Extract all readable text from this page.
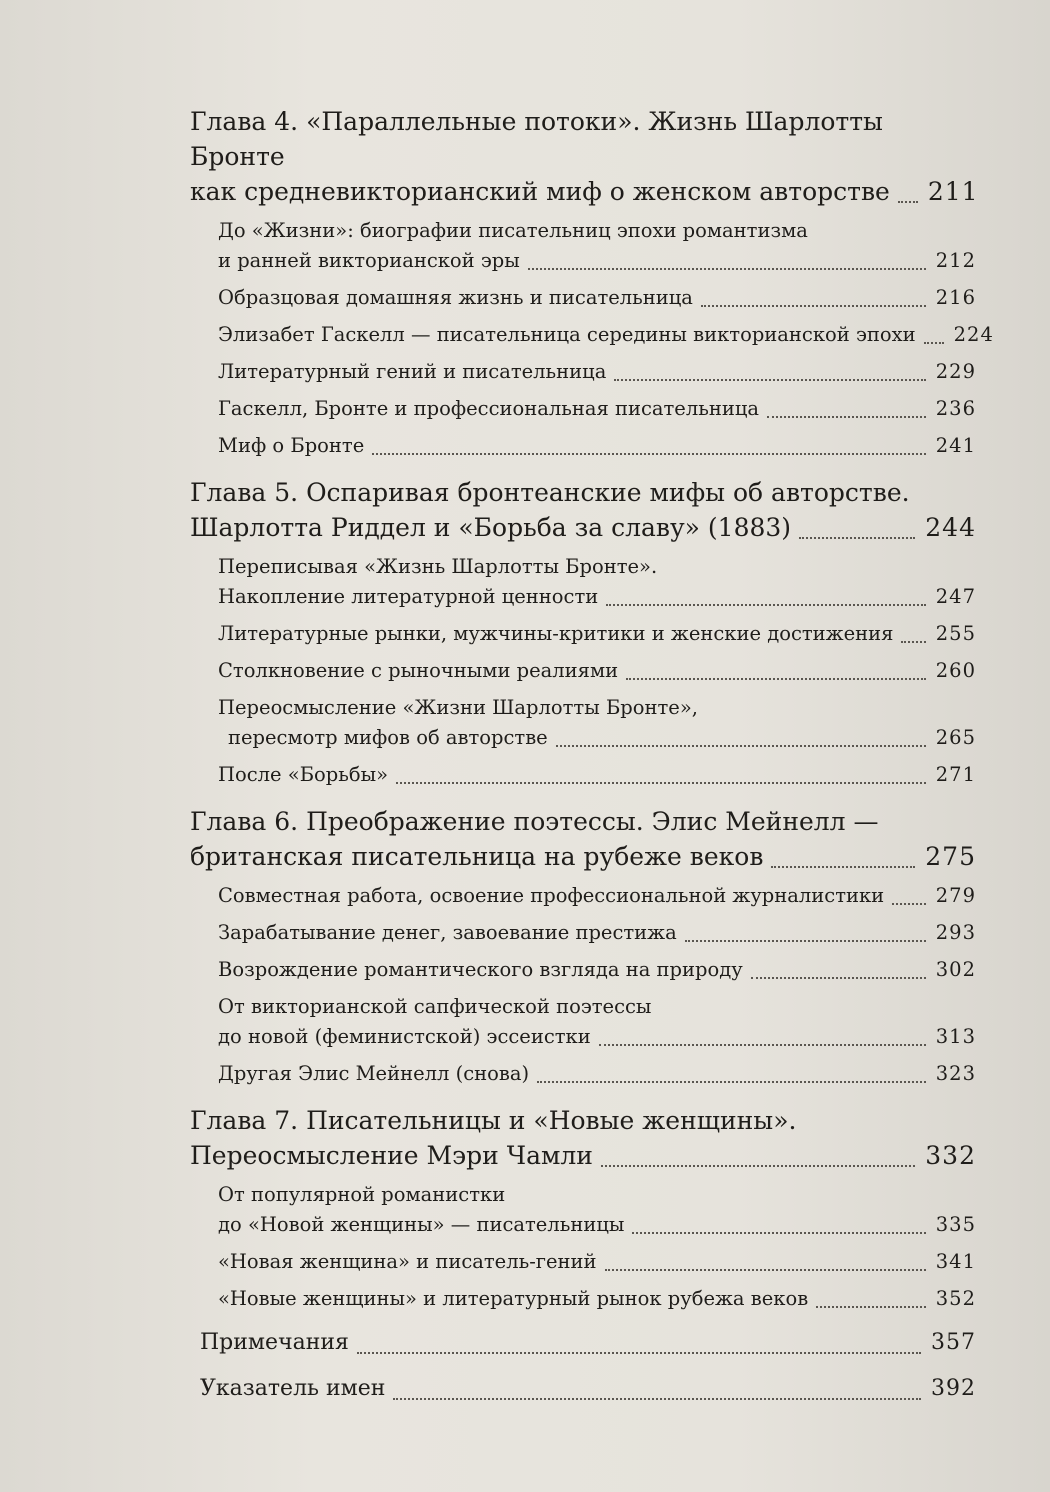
Глава 4. «Параллельные потоки». Жизнь Шарлотты Бронте
как средневикторианский миф о женском авторстве 211
До «Жизни»: биографии писательниц эпохи романтизма
и ранней викторианской эры	212
Образцовая домашняя жизнь и писательница	216
Элизабет Гаскелл — писательница середины викторианской эпохи 224
Литературный гений и писательница	229
Гаскелл, Бронте и профессиональная писательница	236
Миф о Бронте	241
Глава 5. Оспаривая бронтеанские мифы об авторстве.
Шарлотта Риддел и «Борьба за славу» (1883)	244
Переписывая «Жизнь Шарлотты Бронте».
Накопление литературной ценности	247
Литературные рынки, мужчины-критики и женские достижения 255
Столкновение с рыночными реалиями	260
Переосмысление «Жизни Шарлотты Бронте»,
пересмотр мифов об авторстве	265
После «Борьбы»	271
Глава 6. Преображение поэтессы. Элис Мейнелл —
британская писательница на рубеже веков	275
Совместная работа, освоение профессиональной журналистики	279
Зарабатывание денег, завоевание престижа	293
Возрождение романтического взгляда на природу	302
От викторианской сапфической поэтессы
до новой (феминистской) эссеистки	313
Другая Элис Мейнелл (снова)	323
Глава 7. Писательницы и «Новые женщины».
Переосмысление Мэри Чамли	332
От популярной романистки
до «Новой женщины» — писательницы	335
«Новая женщина» и писатель-гений	341
«Новые женщины» и литературный рынок рубежа веков	352
Примечания	357
Указатель имен	392
